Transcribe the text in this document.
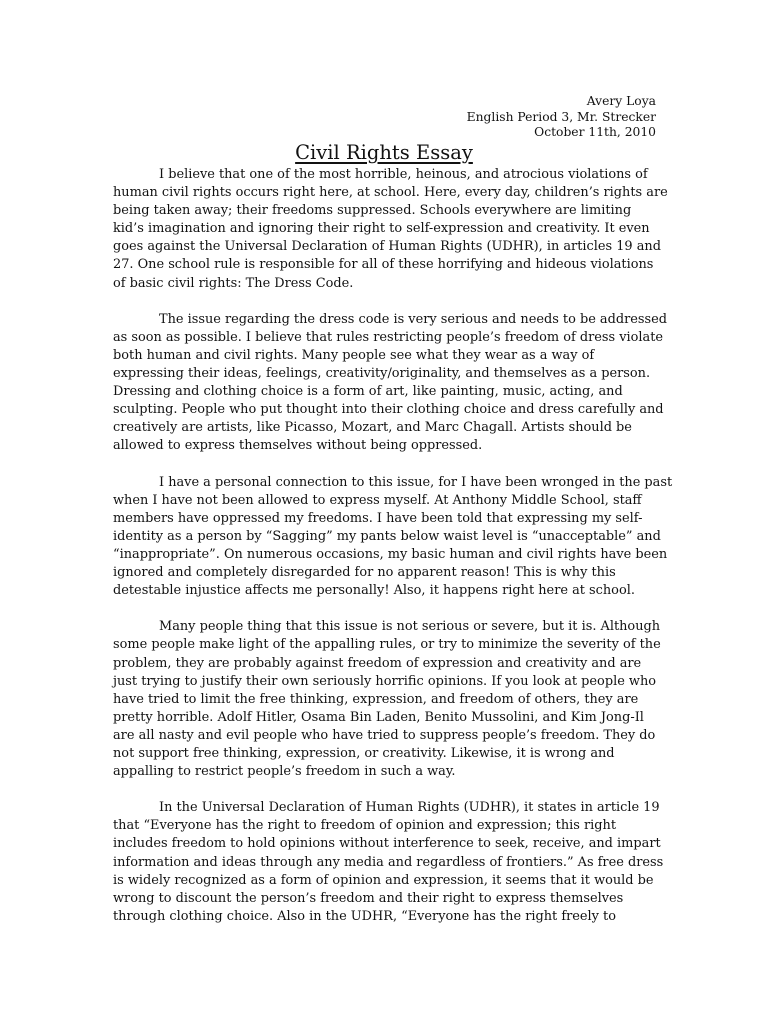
Avery Loya
English Period 3, Mr. Strecker
October 11th, 2010
Civil Rights Essay

I believe that one of the most horrible, heinous, and atrocious violations of
human civil rights occurs right here, at school. Here, every day, children’s rights are
being taken away; their freedoms suppressed. Schools everywhere are limiting
kid’s imagination and ignoring their right to self-expression and creativity. It even
goes against the Universal Declaration of Human Rights (UDHR), in articles 19 and
27. One school rule is responsible for all of these horrifying and hideous violations
of basic civil rights: The Dress Code.

The issue regarding the dress code is very serious and needs to be addressed
as soon as possible. I believe that rules restricting people’s freedom of dress violate
both human and civil rights. Many people see what they wear as a way of
expressing their ideas, feelings, creativity/originality, and themselves as a person.
Dressing and clothing choice is a form of art, like painting, music, acting, and
sculpting. People who put thought into their clothing choice and dress carefully and
creatively are artists, like Picasso, Mozart, and Marc Chagall. Artists should be
allowed to express themselves without being oppressed.

I have a personal connection to this issue, for I have been wronged in the past
when I have not been allowed to express myself. At Anthony Middle School, staff
members have oppressed my freedoms. I have been told that expressing my self-
identity as a person by “Sagging” my pants below waist level is “unacceptable” and
“inappropriate”. On numerous occasions, my basic human and civil rights have been
ignored and completely disregarded for no apparent reason! This is why this
detestable injustice affects me personally! Also, it happens right here at school.

Many people thing that this issue is not serious or severe, but it is. Although
some people make light of the appalling rules, or try to minimize the severity of the
problem, they are probably against freedom of expression and creativity and are
just trying to justify their own seriously horrific opinions. If you look at people who
have tried to limit the free thinking, expression, and freedom of others, they are
pretty horrible. Adolf Hitler, Osama Bin Laden, Benito Mussolini, and Kim Jong-Il
are all nasty and evil people who have tried to suppress people’s freedom. They do
not support free thinking, expression, or creativity. Likewise, it is wrong and
appalling to restrict people’s freedom in such a way.

In the Universal Declaration of Human Rights (UDHR), it states in article 19
that “Everyone has the right to freedom of opinion and expression; this right
includes freedom to hold opinions without interference to seek, receive, and impart
information and ideas through any media and regardless of frontiers.” As free dress
is widely recognized as a form of opinion and expression, it seems that it would be
wrong to discount the person’s freedom and their right to express themselves
through clothing choice. Also in the UDHR, “Everyone has the right freely to
